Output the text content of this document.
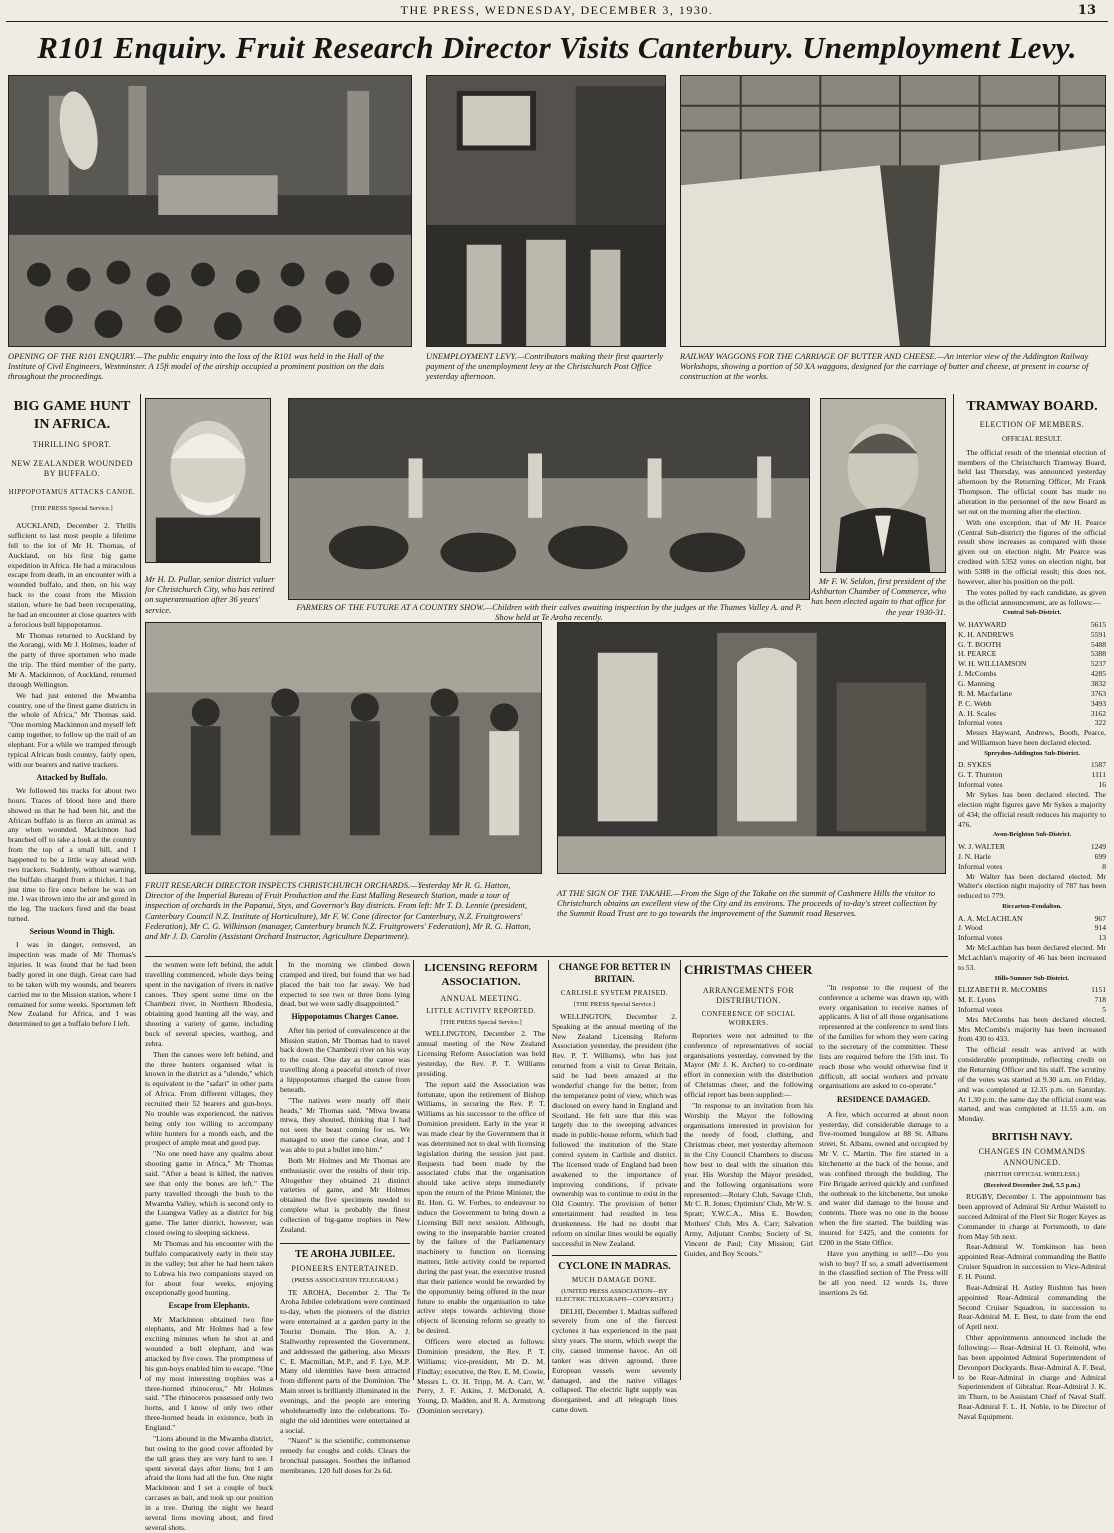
THE PRESS, WEDNESDAY, DECEMBER 3, 1930.	13
R101 Enquiry. Fruit Research Director Visits Canterbury. Unemployment Levy.
OPENING OF THE R101 ENQUIRY.—The public enquiry into the loss of the R101 was held in the Hall of the Institute of Civil Engineers, Westminster. A 15ft model of the airship occupied a prominent position on the dais throughout the proceedings.
UNEMPLOYMENT LEVY.—Contributors making their first quarterly payment of the unemployment levy at the Christchurch Post Office yesterday afternoon.
RAILWAY WAGGONS FOR THE CARRIAGE OF BUTTER AND CHEESE.—An interior view of the Addington Railway Workshops, showing a portion of 50 XA waggons, designed for the carriage of butter and cheese, at present in course of construction at the works.
Mr H. D. Pullar, senior district valuer for Christchurch City, who has retired on superannuation after 36 years' service.	FARMERS OF THE FUTURE AT A COUNTRY SHOW.—Children with their calves awaiting inspection by the judges at the Thames Valley A. and P. Show held at Te Aroha recently.
Mr F. W. Seldon, first president of the Ashburton Chamber of Commerce, who has been elected again to that office for the year 1930-31.
FRUIT RESEARCH DIRECTOR INSPECTS CHRISTCHURCH ORCHARDS.—Yesterday Mr R. G. Hatton, Director of the Imperial Bureau of Fruit Production and the East Malling Research Station, made a tour of inspection of orchards in the Papanui, Styx, and Governor's Bay districts. From left: Mr T. D. Lennie (president, Canterbury Council N.Z. Institute of Horticulture), Mr F. W. Cone (director for Canterbury, N.Z. Fruitgrowers' Federation), Mr C. G. Wilkinson (manager, Canterbury branch N.Z. Fruitgrowers' Federation), Mr R. G. Hatton, and Mr J. D. Carolin (Assistant Orchard Instructor, Agriculture Department).
AT THE SIGN OF THE TAKAHE.—From the Sign of the Takahe on the summit of Cashmere Hills the visitor to Christchurch obtains an excellent view of the City and its environs. The proceeds of to-day's street collection by the Summit Road Trust are to go towards the improvement of the Summit road Reserves.
BIG GAME HUNT IN AFRICA.
THRILLING SPORT.
NEW ZEALANDER WOUNDED BY BUFFALO.
HIPPOPOTAMUS ATTACKS CANOE.
[THE PRESS Special Service.]

AUCKLAND, December 2. Thrills sufficient to last most people a lifetime fell to the lot of Mr H. Thomas, of Auckland, on his first big game expedition in Africa. He had a miraculous escape from death, in an encounter with a wounded buffalo, and then, on his way back to the coast from the Mission station, where he had been recuperating, he had an encounter at close quarters with a ferocious bull hippopotamus.

Mr Thomas returned to Auckland by the Aorangi, with Mr J. Holmes, leader of the party of three sportsmen who made the trip. The third member of the party, Mr A. Mackinnon, of Auckland, returned through Wellington.

We had just entered the Mwamba country, one of the finest game districts in the whole of Africa," Mr Thomas said. "One morning Mackinnon and myself left camp together, to follow up the trail of an elephant. For a while we tramped through typical African bush country, fairly open, with our bearers and native trackers.

Attacked by Buffalo.

We followed his tracks for about two hours. Traces of blood here and there showed us that he had been hit, and the African buffalo is as fierce an animal as any when wounded. Mackinnon had branched off to take a look at the country from the top of a small hill, and I happened to be a little way ahead with two trackers. Suddenly, without warning, the buffalo charged from a thicket. I had just time to fire once before he was on me. I was thrown into the air and gored in the leg. The trackers fired and the beast turned.

Serious Wound in Thigh.

I was in danger, removed, an inspection was made of Mr Thomas's injuries. It was found that he had been badly gored in one thigh. Great care had to be taken with my wounds, and bearers carried me to the Mission station, where I remained for some weeks. Sportsmen left New Zealand for Africa, and I was determined to get a buffalo before I left.

TRAMWAY BOARD.
ELECTION OF MEMBERS.
OFFICIAL RESULT.

The official result of the triennial election of members of the Christchurch Tramway Board, held last Thursday, was announced yesterday afternoon by the Returning Officer, Mr Frank Thompson. The official count has made no alteration in the personnel of the new Board as set out on the morning after the election.

With one exception, that of Mr H. Pearce (Central Sub-district) the figures of the official result show increases as compared with those given out on election night. Mr Pearce was credited with 5352 votes on election night, but with 5388 in the official result; this does not, however, alter his position on the poll.

The votes polled by each candidate, as given in the official announcement, are as follows:—

Central Sub-District.
W. HAYWARD	5615
K. H. ANDREWS	5591
G. T. BOOTH	5488
H. PEARCE	5388
W. H. WILLIAMSON	5237
J. McCombs	4285
G. Manning	3832
R. M. Macfarlane	3763
P. C. Webb	3493
A. H. Scales	3162
Informal votes	322

Messrs Hayward, Andrews, Booth, Pearce, and Williamson have been declared elected.

Spreydon-Addington Sub-District.
D. SYKES	1587
G. T. Thurston	1111
Informal votes	16

Mr Sykes has been declared elected. The election night figures gave Mr Sykes a majority of 434; the official result reduces his majority to 476.

Avon-Brighton Sub-District.
W. J. WALTER	1249
J. N. Harle	699
Informal votes	8

Mr Walter has been declared elected. Mr Walter's election night majority of 787 has been reduced to 779.

Riccarton-Fendalton.
A. A. McLACHLAN	967
J. Wood	914
Informal votes	13

Mr McLachlan has been declared elected. Mr McLachlan's majority of 46 has been increased to 53.

Hills-Sumner Sub-District.
ELIZABETH R. McCOMBS	1151
M. E. Lyons	718
Informal votes	5

Mrs McCombs has been declared elected. Mrs McCombs's majority has been increased from 430 to 433.

The official result was arrived at with considerable promptitude, reflecting credit on the Returning Officer and his staff. The scrutiny of the votes was started at 9.30 a.m. on Friday, and was completed at 12.35 p.m. on Saturday. At 1.30 p.m. the same day the official count was started, and was completed at 11.55 a.m. on Monday.

BRITISH NAVY.
CHANGES IN COMMANDS ANNOUNCED.
(BRITISH OFFICIAL WIRELESS.)
(Received December 2nd, 5.5 p.m.)

RUGBY, December 1. The appointment has been approved of Admiral Sir Arthur Waistell to succeed Admiral of the Fleet Sir Roger Keyes as Commander in charge at Portsmouth, to date from May 5th next.

Rear-Admiral W. Tomkinson has been appointed Rear-Admiral commanding the Battle Cruiser Squadron in succession to Vice-Admiral F. H. Pound.

Rear-Admiral H. Astley Rushton has been appointed Rear-Admiral commanding the Second Cruiser Squadron, in succession to Rear-Admiral M. E. Best, to date from the end of April next.

Other appointments announced include the following:— Rear-Admiral H. O. Reinold, who has been appointed Admiral Superintendent of Devonport Dockyards. Rear-Admiral A. F. Beal, to be Rear-Admiral in charge and Admiral Superintendent of Gibraltar. Rear-Admiral J. K. im Thurn, to be Assistant Chief of Naval Staff. Rear-Admiral F. L. H. Noble, to be Director of Naval Equipment.

the women were left behind, the adult travelling commenced, whole days being spent in the navigation of rivers in native canoes. They spent some time on the Chambezi river, in Northern Rhodesia, obtaining good hunting all the way, and shooting a variety of game, including buck of several species, warthog, and zebra.

Then the canoes were left behind, and the three hunters organised what is known in the district as a "ulendo," which is equivalent to the "safari" in other parts of Africa. From different villages, they recruited their 52 bearers and gun-boys. No trouble was experienced, the natives being only too willing to accompany white hunters for a month each, and the prospect of ample meat and good pay.

"No one need have any qualms about shooting game in Africa," Mr Thomas said. "After a beast is killed, the natives see that only the bones are left." The party travelled through the bush to the Mwamba Valley, which is second only to the Luangwa Valley as a district for big game. The latter district, however, was closed owing to sleeping sickness.

Mr Thomas and his encounter with the buffalo comparatively early in their stay in the valley; but after he had been taken to Lubwa his two companions stayed on for about four weeks, enjoying exceptionally good hunting.

Escape from Elephants.

Mr Mackinnon obtained two fine elephants, and Mr Holmes had a few exciting minutes when he shot at and wounded a bull elephant, and was attacked by five cows. The promptness of his gun-boys enabled him to escape. "One of my most interesting trophies was a three-horned rhinoceros," Mr Holmes said. "The rhinoceros possessed only two horns, and I know of only two other three-horned heads in existence, both in England."

"Lions abound in the Mwamba district, but owing to the good cover afforded by the tall grass they are very hard to see. I spent several days after lions; but I am afraid the lions had all the fun. One night Mackinnon and I set a couple of buck carcases as bait, and took up our position in a tree. During the night we heard several lions moving about, and fired several shots.

In the morning we climbed down cramped and tired, but found that we had placed the bait too far away. We had expected to see two or three lions lying dead, but we were sadly disappointed."

Hippopotamus Charges Canoe.

After his period of convalescence at the Mission station, Mr Thomas had to travel back down the Chambezi river on his way to the coast. One day as the canoe was travelling along a peaceful stretch of river a hippopotamus charged the canoe from beneath.

"The natives were nearly off their heads," Mr Thomas said. "Mtwa bwana mtwa, they shouted, thinking that I had not seen the beast coming for us. We managed to steer the canoe clear, and I was able to put a bullet into him."

Both Mr Holmes and Mr Thomas are enthusiastic over the results of their trip. Altogether they obtained 21 distinct varieties of game, and Mr Holmes obtained the five specimens needed to complete what is probably the finest collection of big-game trophies in New Zealand.

TE AROHA JUBILEE.
PIONEERS ENTERTAINED.
(PRESS ASSOCIATION TELEGRAM.)

TE AROHA, December 2. The Te Aroha Jubilee celebrations were continued to-day, when the pioneers of the district were entertained at a garden party in the Tourist Domain. The Hon. A. J. Stallworthy represented the Government, and addressed the gathering, also Messrs C. E. Macmillan, M.P., and F. Lye, M.P. Many old identities have been attracted from different parts of the Dominion. The Main street is brilliantly illuminated in the evenings, and the people are entering wholeheartedly into the celebrations. To-night the old identities were entertained at a social.

"Nazol" is the scientific, commonsense remedy for coughs and colds. Clears the bronchial passages. Soothes the inflamed membranes. 120 full doses for 2s 6d.

LICENSING REFORM ASSOCIATION.
ANNUAL MEETING.
LITTLE ACTIVITY REPORTED.
[THE PRESS Special Service.]

WELLINGTON, December 2. The annual meeting of the New Zealand Licensing Reform Association was held yesterday, the Rev. P. T. Williams presiding.

The report said the Association was fortunate, upon the retirement of Bishop Williams, in securing the Rev. P. T. Williams as his successor to the office of Dominion president. Early in the year it was made clear by the Government that it was determined not to deal with licensing legislation during the session just past. Requests had been made by the associated clubs that the organisation should take active steps immediately upon the return of the Prime Minister, the Rt. Hon. G. W. Forbes, to endeavour to induce the Government to bring down a Licensing Bill next session. Although, owing to the inseparable barrier created by the failure of the Parliamentary machinery to function on licensing matters, little activity could be reported during the past year, the executive trusted that their patience would be rewarded by the opportunity being offered in the near future to enable the organisation to take active steps towards achieving those objects of licensing reform so greatly to be desired.

Officers were elected as follows: Dominion president, the Rev. P. T. Williams; vice-president, Mr D. M. Findlay; executive, the Rev. E. M. Cowie, Messrs L. O. H. Tripp, M. A. Carr, W. Perry, J. F. Atkins, J. McDonald, A. Young, D. Madden, and R. A. Armstrong (Dominion secretary).

CHANGE FOR BETTER IN BRITAIN.
CARLISLE SYSTEM PRAISED.
[THE PRESS Special Service.]

WELLINGTON, December 2. Speaking at the annual meeting of the New Zealand Licensing Reform Association yesterday, the president (the Rev. P. T. Williams), who has just returned from a visit to Great Britain, said he had been amazed at the wonderful change for the better, from the temperance point of view, which was disclosed on every hand in England and Scotland. He felt sure that this was largely due to the sweeping advances made in public-house reform, which had followed the institution of the State control system in Carlisle and district. The licensed trade of England had been awakened to the importance of improving conditions, if private ownership was to continue to exist in the Old Country. The provision of better entertainment had resulted in less drunkenness. He had no doubt that reform on similar lines would be equally successful in New Zealand.

CYCLONE IN MADRAS.
MUCH DAMAGE DONE.
(UNITED PRESS ASSOCIATION—BY ELECTRIC TELEGRAPH—COPYRIGHT.)

DELHI, December 1. Madras suffered severely from one of the fiercest cyclones it has experienced in the past sixty years. The storm, which swept the city, caused immense havoc. An oil tanker was driven aground, three European vessels were severely damaged, and the native villages collapsed. The electric light supply was disorganised, and all telegraph lines came down.

CHRISTMAS CHEER
ARRANGEMENTS FOR DISTRIBUTION.
CONFERENCE OF SOCIAL WORKERS.

Reporters were not admitted to the conference of representatives of social organisations yesterday, convened by the Mayor (Mr J. K. Archer) to co-ordinate effort in connexion with the distribution of Christmas cheer, and the following official report has been supplied:—

"In response to an invitation from his Worship the Mayor the following organisations interested in provision for the needy of food, clothing, and Christmas cheer, met yesterday afternoon in the City Council Chambers to discuss how best to deal with the situation this year. His Worship the Mayor presided, and the following organisations were represented:—Rotary Club, Savage Club, Mr C. R. Jones; Optimists' Club, Mr W. S. Spratt; Y.W.C.A., Miss E. Bowden; Mothers' Club, Mrs A. Carr; Salvation Army, Adjutant Combs; Society of St. Vincent de Paul; City Mission; Girl Guides, and Boy Scouts."

"In response to the request of the conference a scheme was drawn up, with every organisation to receive names of applicants. A list of all those organisations represented at the conference to send lists of the families for whom they were caring to the secretary of the committee. These lists are required before the 15th inst. To reach those who would otherwise find it difficult, all social workers and private organisations are asked to co-operate."

RESIDENCE DAMAGED.

A fire, which occurred at about noon yesterday, did considerable damage to a five-roomed bungalow at 88 St. Albans street, St. Albans, owned and occupied by Mr V. C. Martin. The fire started in a kitchenette at the back of the house, and was confined through the building. The Fire Brigade arrived quickly and confined the outbreak to the kitchenette, but smoke and water did damage to the house and contents. There was no one in the house when the fire started. The building was insured for £425, and the contents for £200 in the State Office.

Have you anything to sell?—Do you wish to buy? If so, a small advertisement in the classified section of The Press will be all you need. 12 words 1s, three insertions 2s 6d.
